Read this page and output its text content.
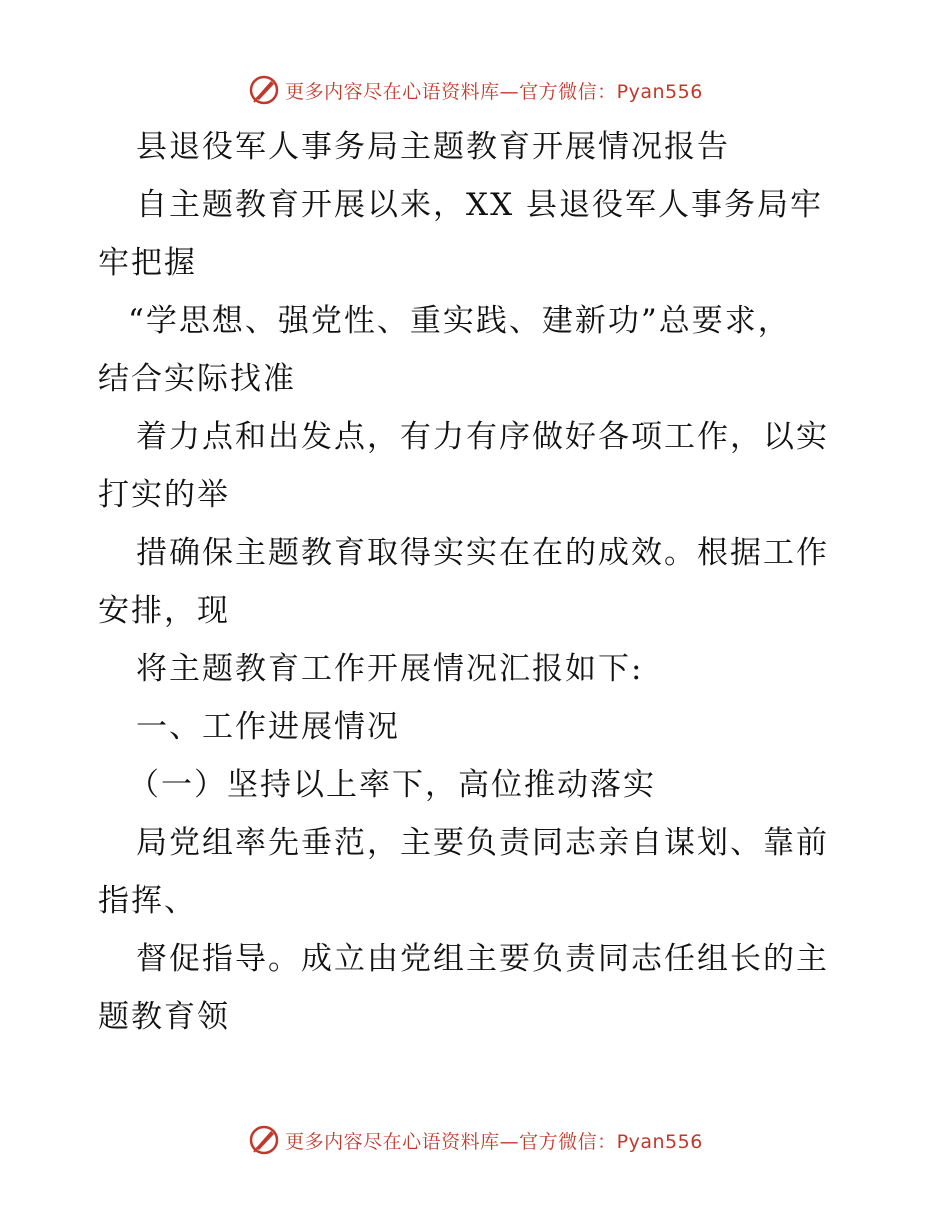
更多内容尽在心语资料库—官方微信：Pyan556
县退役军人事务局主题教育开展情况报告
自主题教育开展以来，XX 县退役军人事务局牢
牢把握
“学思想、强党性、重实践、建新功”总要求，
结合实际找准
着力点和出发点，有力有序做好各项工作，以实
打实的举
措确保主题教育取得实实在在的成效。根据工作
安排，现
将主题教育工作开展情况汇报如下:
一、工作进展情况
（一）坚持以上率下，高位推动落实
局党组率先垂范，主要负责同志亲自谋划、靠前
指挥、
督促指导。成立由党组主要负责同志任组长的主
题教育领
更多内容尽在心语资料库—官方微信：Pyan556
